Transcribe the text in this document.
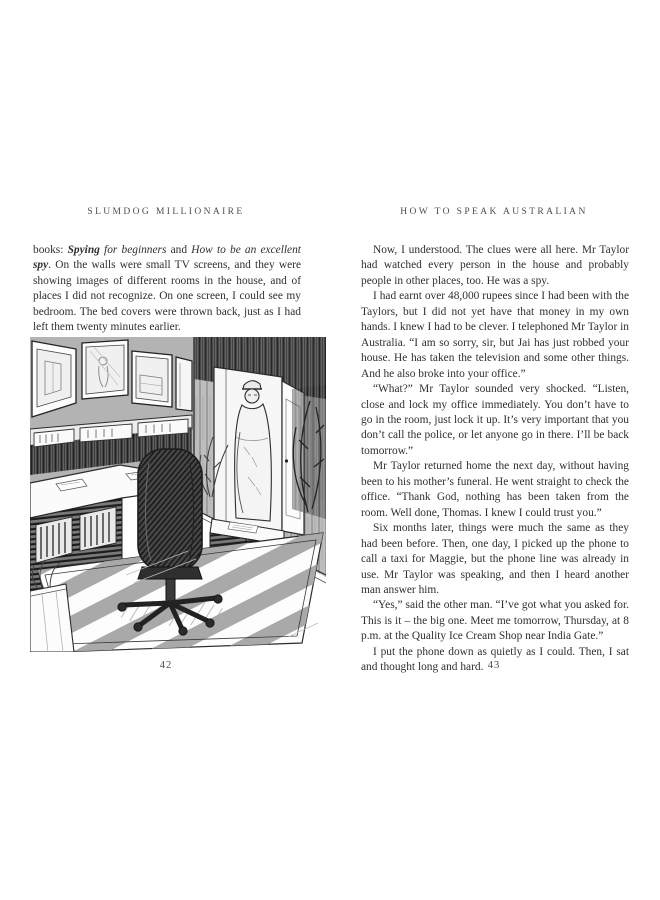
SLUMDOG MILLIONAIRE	HOW TO SPEAK AUSTRALIAN

books: Spying for beginners and How to be an excellent spy. On the walls were small TV screens, and they were showing images of different rooms in the house, and of places I did not recognize. On one screen, I could see my bedroom. The bed covers were thrown back, just as I had left them twenty minutes earlier.

Now, I understood. The clues were all here. Mr Taylor had watched every person in the house and probably people in other places, too. He was a spy.

I had earnt over 48,000 rupees since I had been with the Taylors, but I did not yet have that money in my own hands. I knew I had to be clever. I telephoned Mr Taylor in Australia. “I am so sorry, sir, but Jai has just robbed your house. He has taken the television and some other things. And he also broke into your office.”

“What?” Mr Taylor sounded very shocked. “Listen, close and lock my office immediately. You don’t have to go in the room, just lock it up. It’s very important that you don’t call the police, or let anyone go in there. I’ll be back tomorrow.”

Mr Taylor returned home the next day, without having been to his mother’s funeral. He went straight to check the office. “Thank God, nothing has been taken from the room. Well done, Thomas. I knew I could trust you.”

Six months later, things were much the same as they had been before. Then, one day, I picked up the phone to call a taxi for Maggie, but the phone line was already in use. Mr Taylor was speaking, and then I heard another man answer him.

“Yes,” said the other man. “I’ve got what you asked for. This is it – the big one. Meet me tomorrow, Thursday, at 8 p.m. at the Quality Ice Cream Shop near India Gate.”

I put the phone down as quietly as I could. Then, I sat and thought long and hard.

42	43
